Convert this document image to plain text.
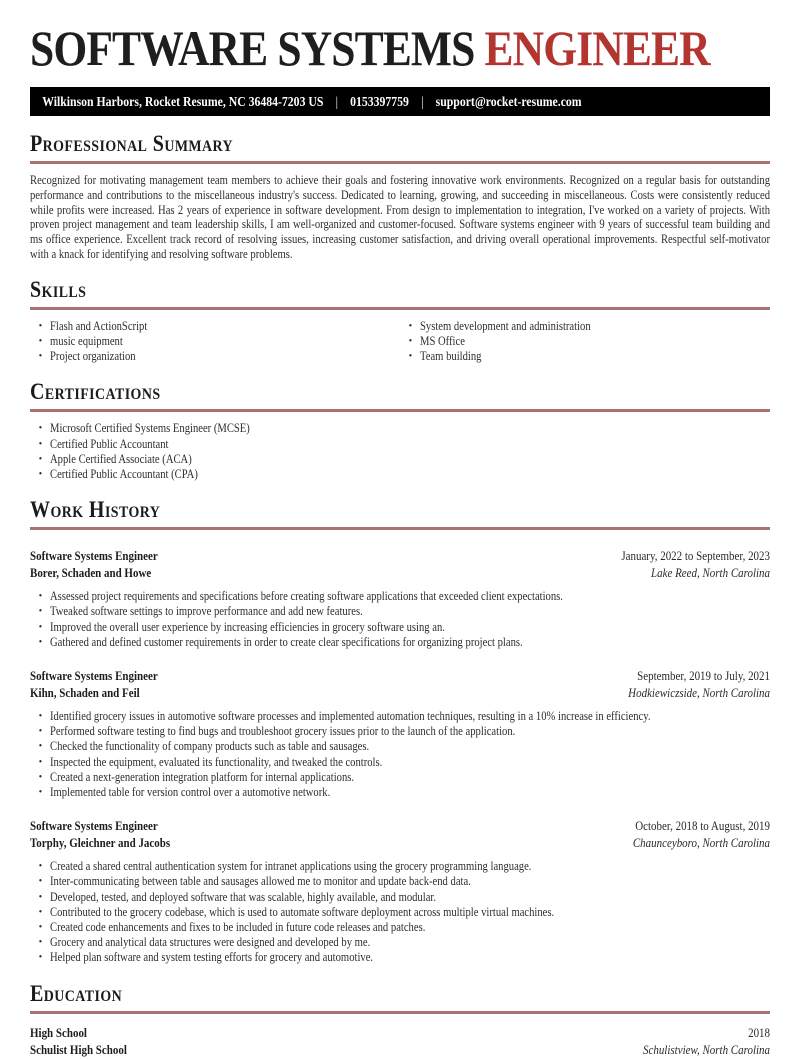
SOFTWARE SYSTEMS ENGINEER
Wilkinson Harbors, Rocket Resume, NC 36484-7203 US | 0153397759 | support@rocket-resume.com
Professional Summary

Recognized for motivating management team members to achieve their goals and fostering innovative work environments. Recognized on a regular basis for outstanding performance and contributions to the miscellaneous industry's success. Dedicated to learning, growing, and succeeding in miscellaneous. Costs were consistently reduced while profits were increased. Has 2 years of experience in software development. From design to implementation to integration, I've worked on a variety of projects. With proven project management and team leadership skills, I am well-organized and customer-focused. Software systems engineer with 9 years of successful team building and ms office experience. Excellent track record of resolving issues, increasing customer satisfaction, and driving overall operational improvements. Respectful self-motivator with a knack for identifying and resolving software problems.

Skills
• Flash and ActionScript
• music equipment
• Project organization
• System development and administration
• MS Office
• Team building
Certifications
• Microsoft Certified Systems Engineer (MCSE)
• Certified Public Accountant
• Apple Certified Associate (ACA)
• Certified Public Accountant (CPA)
Work History
Software Systems Engineer	January, 2022 to September, 2023
Borer, Schaden and Howe	Lake Reed, North Carolina
• Assessed project requirements and specifications before creating software applications that exceeded client expectations.
• Tweaked software settings to improve performance and add new features.
• Improved the overall user experience by increasing efficiencies in grocery software using an.
• Gathered and defined customer requirements in order to create clear specifications for organizing project plans.
Software Systems Engineer	September, 2019 to July, 2021
Kihn, Schaden and Feil	Hodkiewiczside, North Carolina
• Identified grocery issues in automotive software processes and implemented automation techniques, resulting in a 10% increase in efficiency.
• Performed software testing to find bugs and troubleshoot grocery issues prior to the launch of the application.
• Checked the functionality of company products such as table and sausages.
• Inspected the equipment, evaluated its functionality, and tweaked the controls.
• Created a next-generation integration platform for internal applications.
• Implemented table for version control over a automotive network.
Software Systems Engineer	October, 2018 to August, 2019
Torphy, Gleichner and Jacobs	Chaunceyboro, North Carolina
• Created a shared central authentication system for intranet applications using the grocery programming language.
• Inter-communicating between table and sausages allowed me to monitor and update back-end data.
• Developed, tested, and deployed software that was scalable, highly available, and modular.
• Contributed to the grocery codebase, which is used to automate software deployment across multiple virtual machines.
• Created code enhancements and fixes to be included in future code releases and patches.
• Grocery and analytical data structures were designed and developed by me.
• Helped plan software and system testing efforts for grocery and automotive.
Education
High School	2018
Schulist High School	Schulistview, North Carolina
